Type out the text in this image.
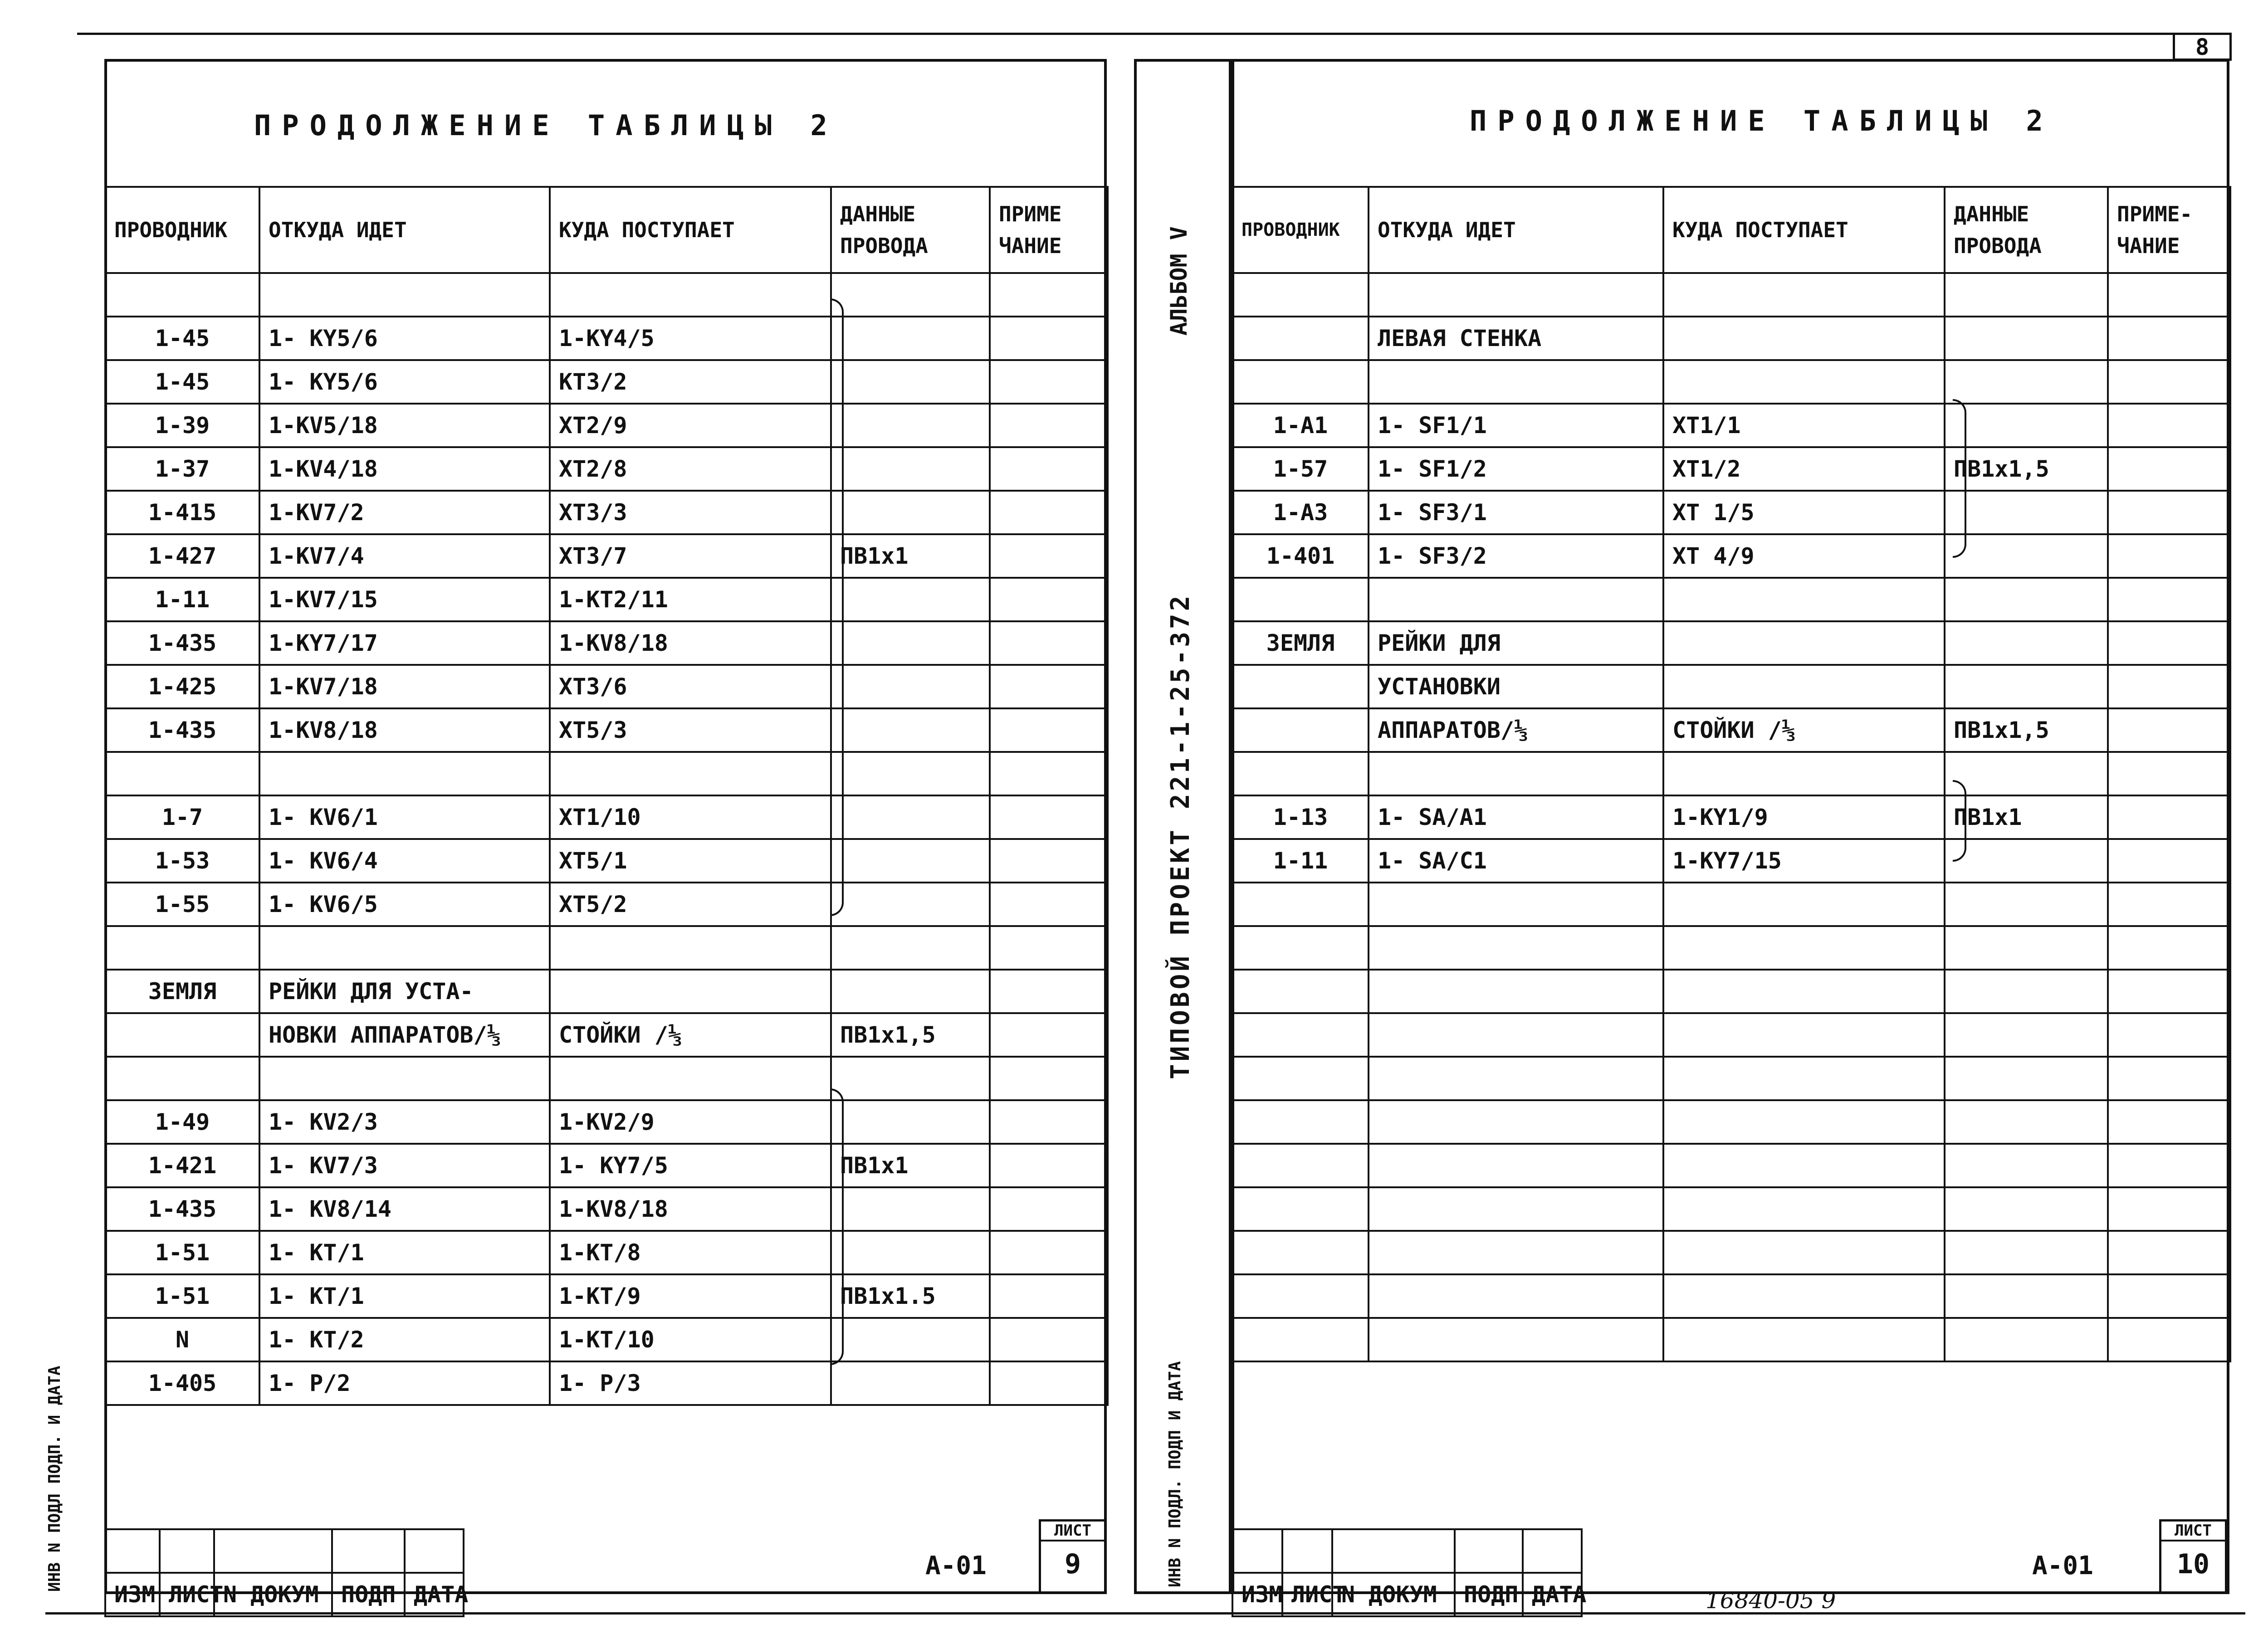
8
ПРОДОЛЖЕНИЕ ТАБЛИЦЫ 2
ПРОВОДНИК	ОТКУДА ИДЕТ	КУДА ПОСТУПАЕТ	ДАННЫЕ ПРОВОДА	ПРИМЕ ЧАНИЕ

1-45	1- KY5/6	1-KY4/5		
1-45	1- KY5/6	KT3/2		
1-39	1-KV5/18	XT2/9		
1-37	1-KV4/18	XT2/8		
1-415	1-KV7/2	XT3/3		
1-427	1-KV7/4	XT3/7	ПВ1х1	
1-11	1-KV7/15	1-KT2/11		
1-435	1-KY7/17	1-KV8/18		
1-425	1-KV7/18	XT3/6		
1-435	1-KV8/18	XT5/3		

1-7	1- KV6/1	XT1/10		
1-53	1- KV6/4	XT5/1		
1-55	1- KV6/5	XT5/2		

ЗЕМЛЯ	РЕЙКИ ДЛЯ УСТА-			
	НОВКИ АППАРАТОВ/⅓	СТОЙКИ /⅓	ПВ1х1,5	

1-49	1- KV2/3	1-KV2/9		
1-421	1- KV7/3	1- KY7/5	ПВ1х1	
1-435	1- KV8/14	1-KV8/18		
1-51	1- KT/1	1-KT/8		
1-51	1- KT/1	1-KT/9	ПВ1х1.5	
N	1- KT/2	1-KT/10		
1-405	1- P/2	1- P/3		

ИЗМ	ЛИСТ	N ДОКУМ	ПОДП	ДАТА
А-01
ЛИСТ
9
ИНВ N ПОДЛ ПОДП. И ДАТА
АЛЬБОМ V
ТИПОВОЙ ПРОЕКТ 221-1-25-372
ИНВ N ПОДЛ. ПОДП И ДАТА
ПРОДОЛЖЕНИЕ ТАБЛИЦЫ 2
ПРОВОДНИК	ОТКУДА ИДЕТ	КУДА ПОСТУПАЕТ	ДАННЫЕ ПРОВОДА	ПРИМЕ- ЧАНИЕ

	ЛЕВАЯ СТЕНКА			

1-A1	1- SF1/1	XT1/1		
1-57	1- SF1/2	XT1/2	ПВ1х1,5	
1-A3	1- SF3/1	XT 1/5		
1-401	1- SF3/2	XT 4/9		

ЗЕМЛЯ	РЕЙКИ ДЛЯ			
	УСТАНОВКИ			
	АППАРАТОВ/⅓	СТОЙКИ /⅓	ПВ1х1,5	

1-13	1- SA/A1	1-KY1/9	ПВ1х1	
1-11	1- SA/C1	1-KY7/15		

ИЗМ	ЛИСТ	N ДОКУМ	ПОДП	ДАТА
А-01
ЛИСТ
10
16840-05 9
